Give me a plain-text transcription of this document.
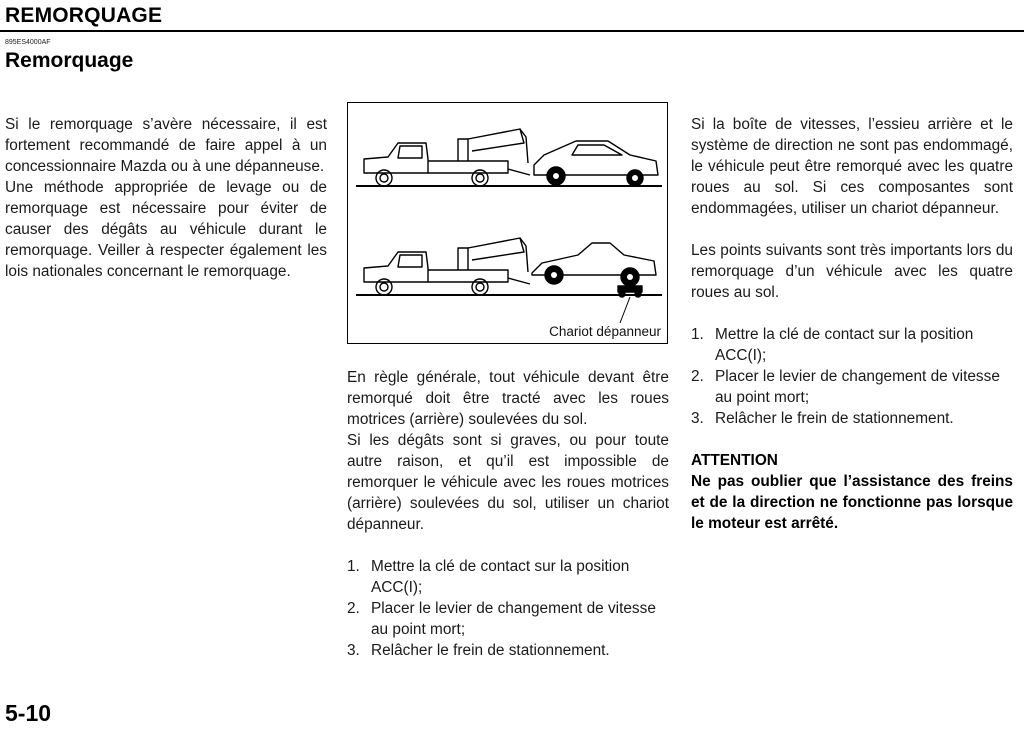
REMORQUAGE
895ES4000AF
Remorquage

Si le remorquage s’avère nécessaire, il est fortement recommandé de faire appel à un concessionnaire Mazda ou à une dépanneuse.

Une méthode appropriée de levage ou de remorquage est nécessaire pour éviter de causer des dégâts au véhicule durant le remorquage. Veiller à respecter également les lois nationales concernant le remorquage.

Chariot dépanneur

En règle générale, tout véhicule devant être remorqué doit être tracté avec les roues motrices (arrière) soulevées du sol.

Si les dégâts sont si graves, ou pour toute autre raison, et qu’il est impossible de remorquer le véhicule avec les roues motrices (arrière) soulevées du sol, utiliser un chariot dépanneur.

1. Mettre la clé de contact sur la position ACC(I);
2. Placer le levier de changement de vitesse au point mort;
3. Relâcher le frein de stationnement.

Si la boîte de vitesses, l’essieu arrière et le système de direction ne sont pas endommagé, le véhicule peut être remorqué avec les quatre roues au sol. Si ces composantes sont endommagées, utiliser un chariot dépanneur.

Les points suivants sont très importants lors du remorquage d’un véhicule avec les quatre roues au sol.

1. Mettre la clé de contact sur la position ACC(I);
2. Placer le levier de changement de vitesse au point mort;
3. Relâcher le frein de stationnement.
ATTENTION
Ne pas oublier que l’assistance des freins et de la direction ne fonctionne pas lorsque le moteur est arrêté.
5-10
